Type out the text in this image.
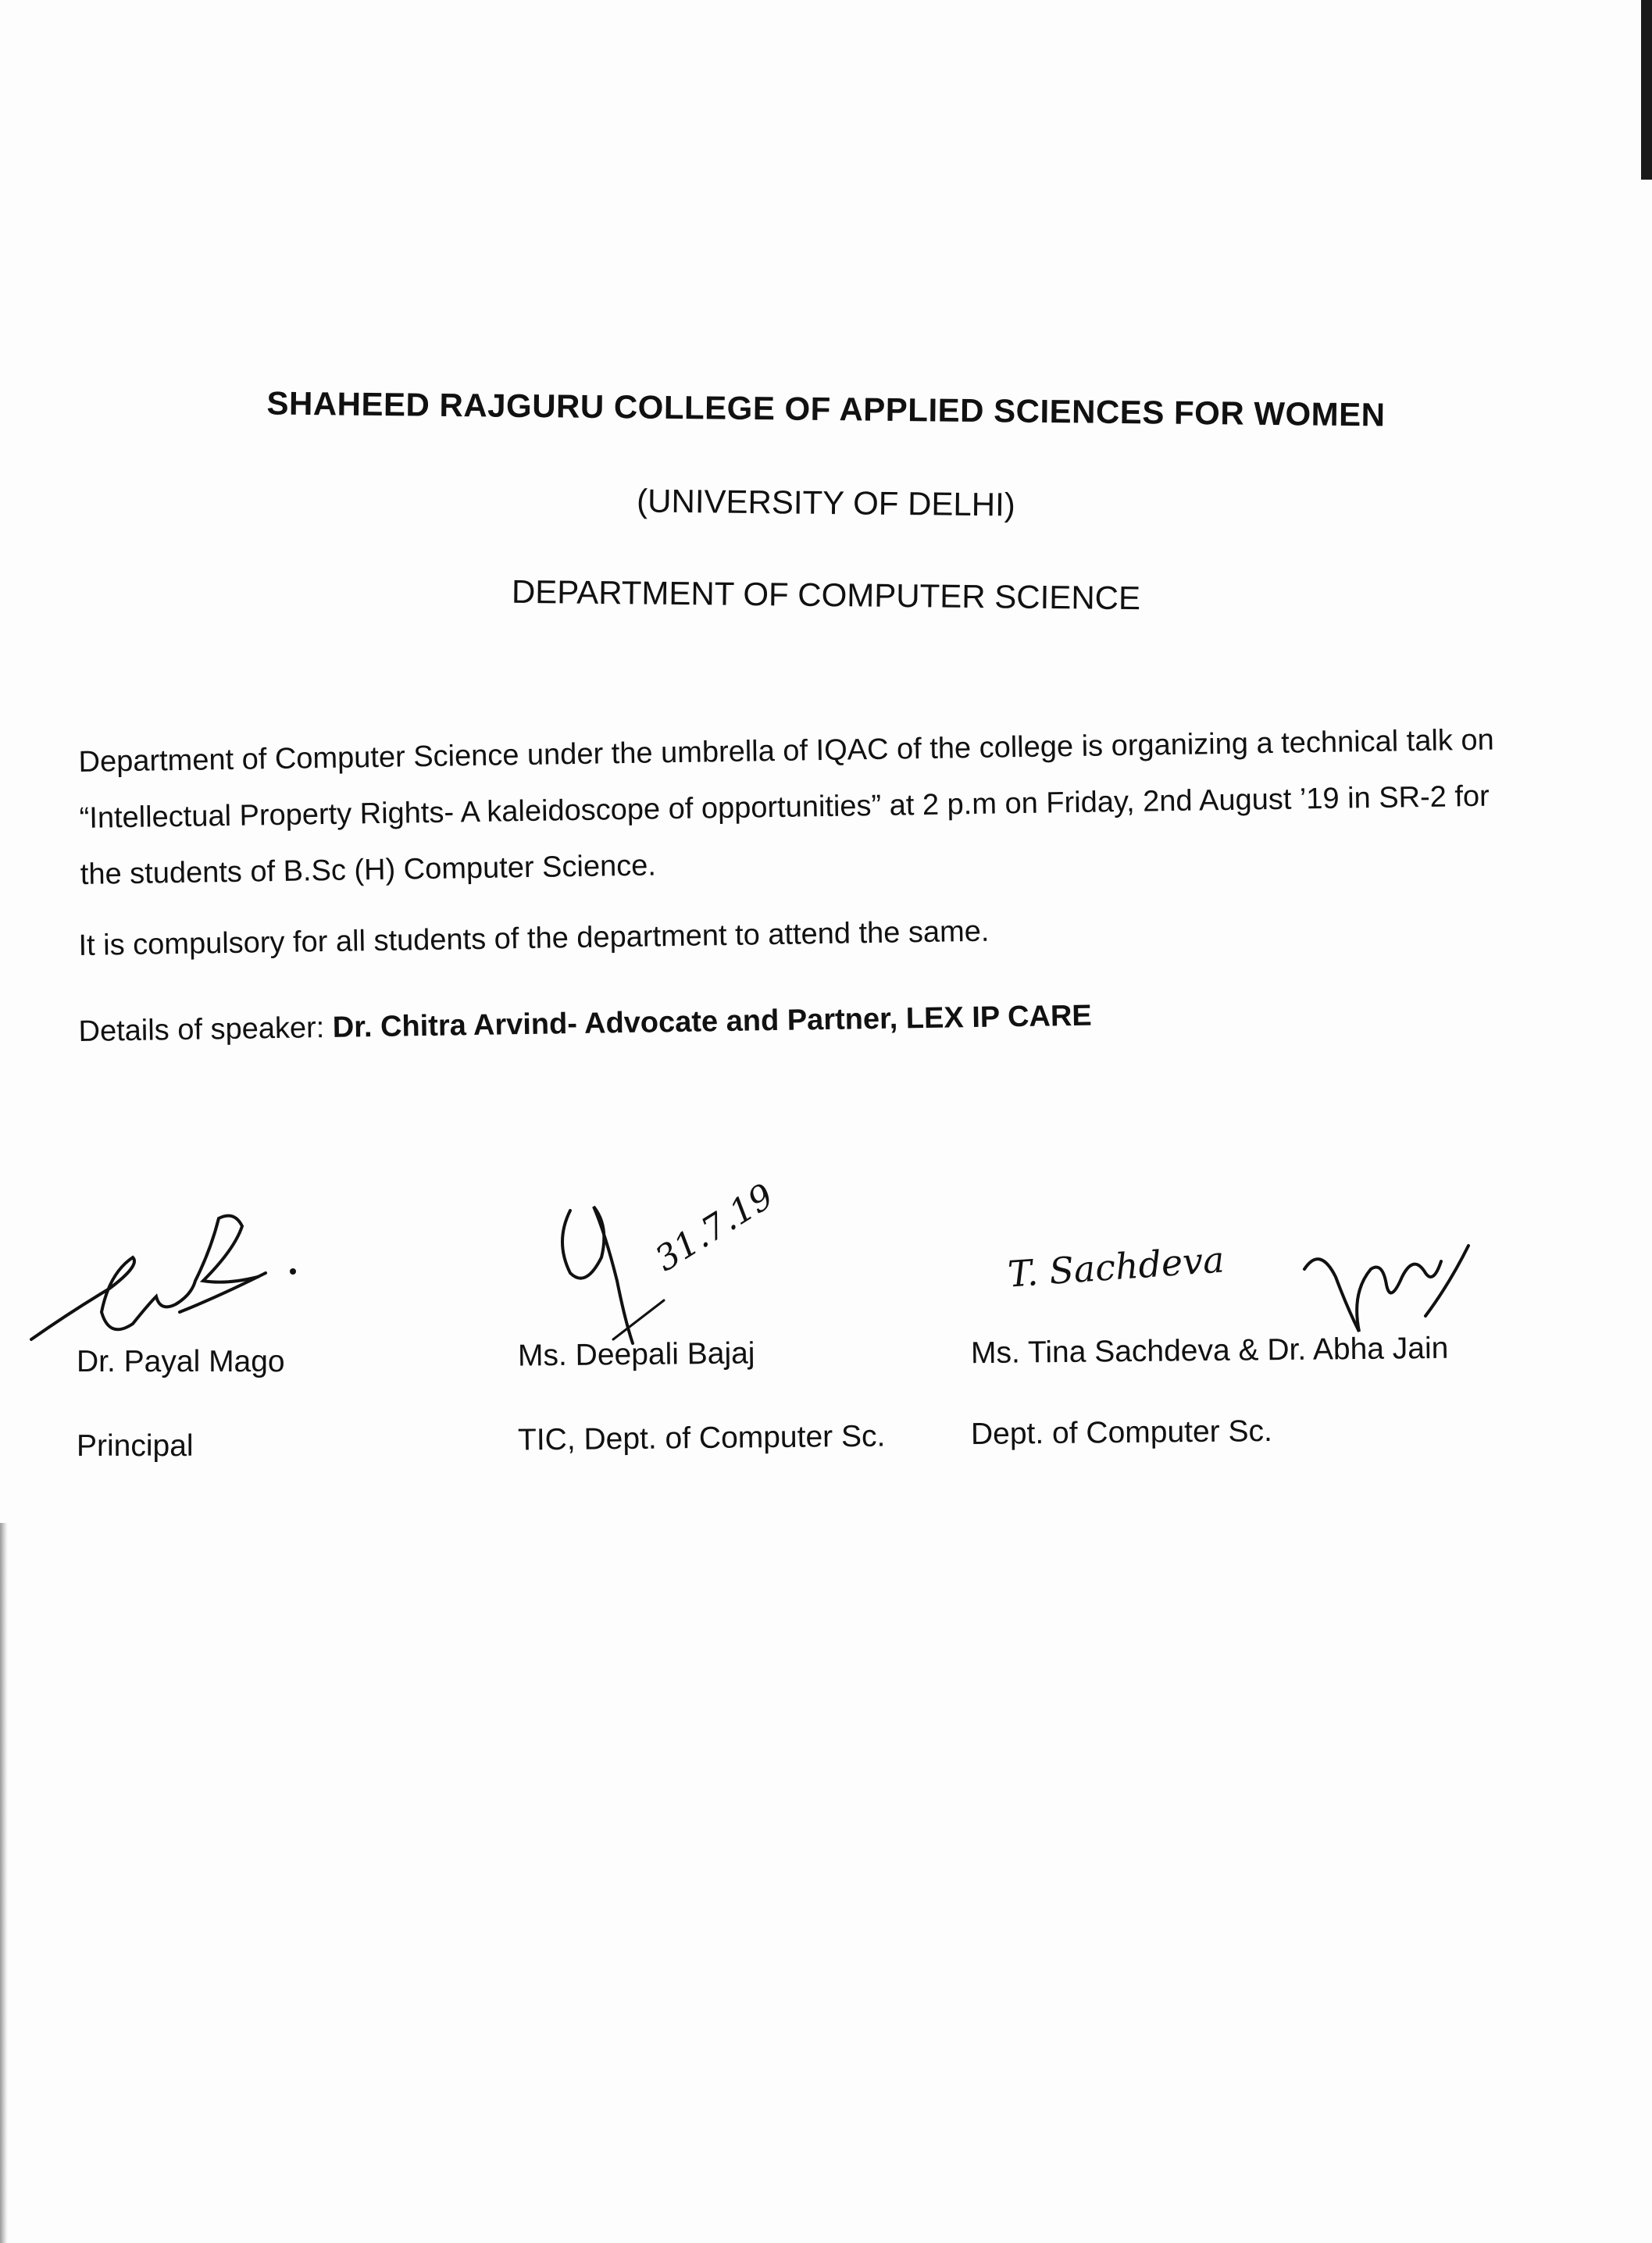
SHAHEED RAJGURU COLLEGE OF APPLIED SCIENCES FOR WOMEN
(UNIVERSITY OF DELHI)
DEPARTMENT OF COMPUTER SCIENCE
Department of Computer Science under the umbrella of IQAC of the college is organizing a technical talk on “Intellectual Property Rights- A kaleidoscope of opportunities” at 2 p.m on Friday, 2nd August ’19 in SR-2 for the students of B.Sc (H) Computer Science.
It is compulsory for all students of the department to attend the same.
Details of speaker: Dr. Chitra Arvind- Advocate and Partner, LEX IP CARE
31.7.19	T. Sachdeva
Dr. Payal Mago
Principal
Ms. Deepali Bajaj
TIC, Dept. of Computer Sc.
Ms. Tina Sachdeva & Dr. Abha Jain
Dept. of Computer Sc.
